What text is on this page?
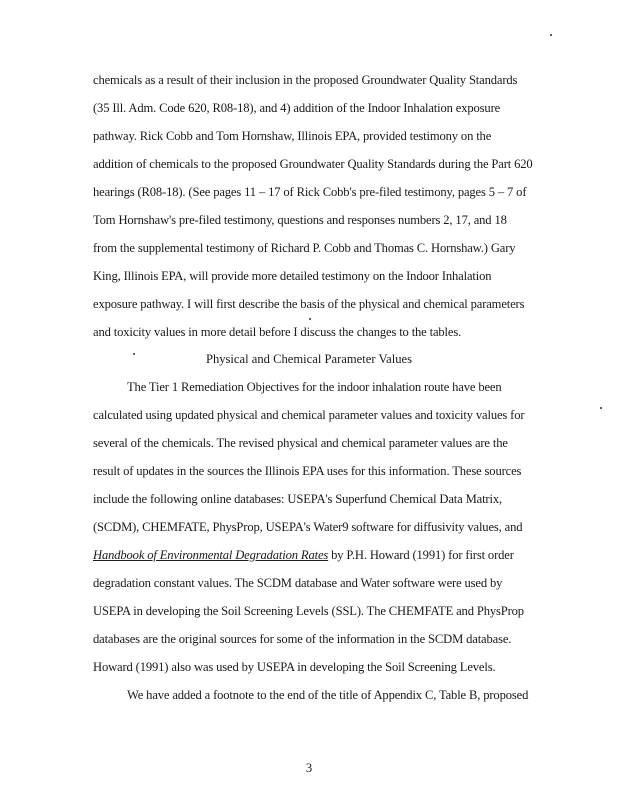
chemicals as a result of their inclusion in the proposed Groundwater Quality Standards
(35 Ill. Adm. Code 620, R08-18), and 4) addition of the Indoor Inhalation exposure
pathway. Rick Cobb and Tom Hornshaw, Illinois EPA, provided testimony on the
addition of chemicals to the proposed Groundwater Quality Standards during the Part 620
hearings (R08-18). (See pages 11 – 17 of Rick Cobb's pre-filed testimony, pages 5 – 7 of
Tom Hornshaw's pre-filed testimony, questions and responses numbers 2, 17, and 18
from the supplemental testimony of Richard P. Cobb and Thomas C. Hornshaw.) Gary
King, Illinois EPA, will provide more detailed testimony on the Indoor Inhalation
exposure pathway. I will first describe the basis of the physical and chemical parameters
and toxicity values in more detail before I discuss the changes to the tables.
Physical and Chemical Parameter Values
The Tier 1 Remediation Objectives for the indoor inhalation route have been
calculated using updated physical and chemical parameter values and toxicity values for
several of the chemicals. The revised physical and chemical parameter values are the
result of updates in the sources the Illinois EPA uses for this information. These sources
include the following online databases: USEPA's Superfund Chemical Data Matrix,
(SCDM), CHEMFATE, PhysProp, USEPA's Water9 software for diffusivity values, and
Handbook of Environmental Degradation Rates by P.H. Howard (1991) for first order
degradation constant values. The SCDM database and Water software were used by
USEPA in developing the Soil Screening Levels (SSL). The CHEMFATE and PhysProp
databases are the original sources for some of the information in the SCDM database.
Howard (1991) also was used by USEPA in developing the Soil Screening Levels.
We have added a footnote to the end of the title of Appendix C, Table B, proposed
3
